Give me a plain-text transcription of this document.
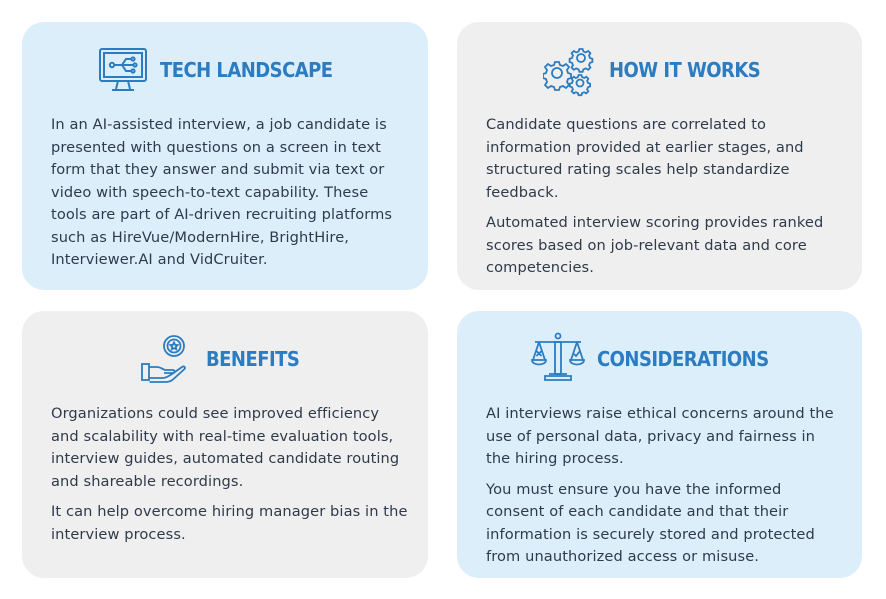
TECH LANDSCAPE

In an AI-assisted interview, a job candidate is presented with questions on a screen in text form that they answer and submit via text or video with speech-to-text capability. These tools are part of AI-driven recruiting platforms such as HireVue/ModernHire, BrightHire, Interviewer.AI and VidCruiter.

HOW IT WORKS

Candidate questions are correlated to information provided at earlier stages, and structured rating scales help standardize feedback.

Automated interview scoring provides ranked scores based on job-relevant data and core competencies.

BENEFITS

Organizations could see improved efficiency and scalability with real-time evaluation tools, interview guides, automated candidate routing and shareable recordings.

It can help overcome hiring manager bias in the interview process.

CONSIDERATIONS

AI interviews raise ethical concerns around the use of personal data, privacy and fairness in the hiring process.

You must ensure you have the informed consent of each candidate and that their information is securely stored and protected from unauthorized access or misuse.
